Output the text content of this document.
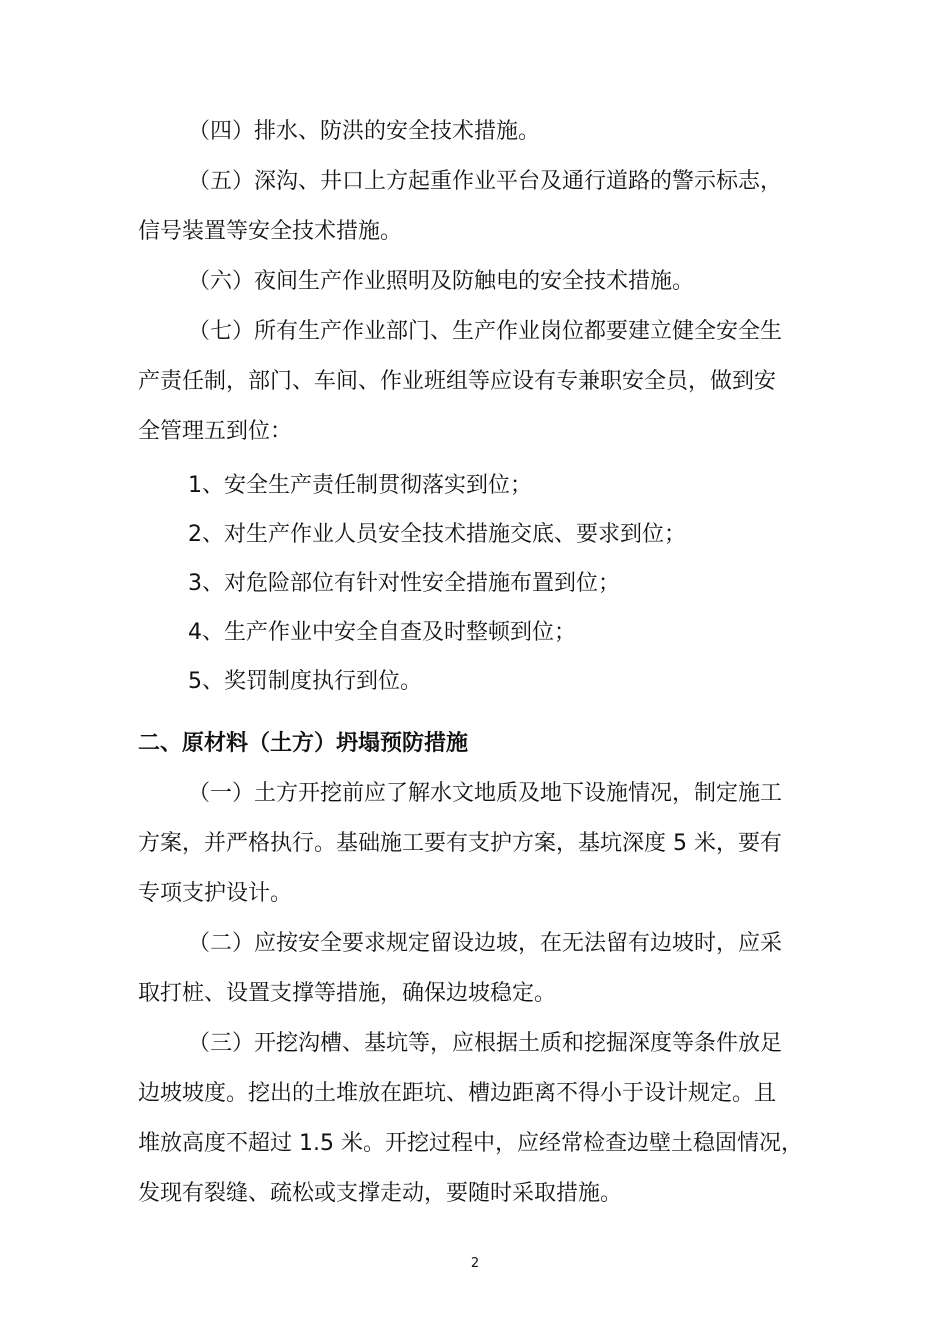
（四）排水、防洪的安全技术措施。
（五）深沟、井口上方起重作业平台及通行道路的警示标志，
信号装置等安全技术措施。
（六）夜间生产作业照明及防触电的安全技术措施。
（七）所有生产作业部门、生产作业岗位都要建立健全安全生
产责任制，部门、车间、作业班组等应设有专兼职安全员，做到安
全管理五到位：
1、安全生产责任制贯彻落实到位；
2、对生产作业人员安全技术措施交底、要求到位；
3、对危险部位有针对性安全措施布置到位；
4、生产作业中安全自查及时整顿到位；
5、奖罚制度执行到位。
二、原材料（土方）坍塌预防措施
（一）土方开挖前应了解水文地质及地下设施情况，制定施工
方案，并严格执行。基础施工要有支护方案，基坑深度 5 米，要有
专项支护设计。
（二）应按安全要求规定留设边坡，在无法留有边坡时，应采
取打桩、设置支撑等措施，确保边坡稳定。
（三）开挖沟槽、基坑等，应根据土质和挖掘深度等条件放足
边坡坡度。挖出的土堆放在距坑、槽边距离不得小于设计规定。且
堆放高度不超过 1.5 米。开挖过程中，应经常检查边壁土稳固情况，
发现有裂缝、疏松或支撑走动，要随时采取措施。
2
